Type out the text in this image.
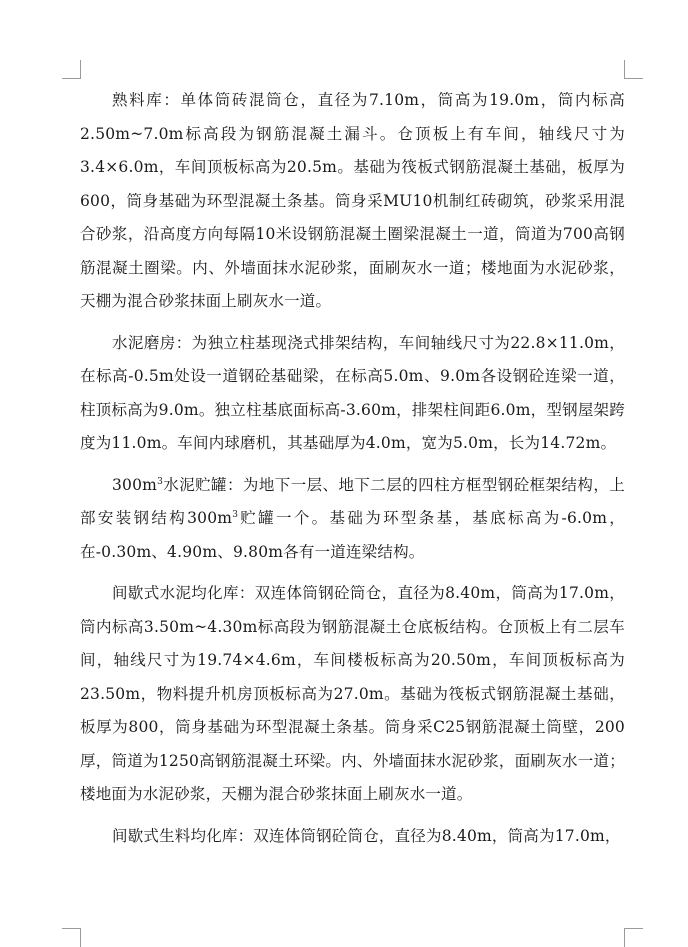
熟料库：单体筒砖混筒仓，直径为7.10m，筒高为19.0m，筒内标高2.50m~7.0m标高段为钢筋混凝土漏斗。仓顶板上有车间，轴线尺寸为3.4×6.0m，车间顶板标高为20.5m。基础为筏板式钢筋混凝土基础，板厚为600，筒身基础为环型混凝土条基。筒身采MU10机制红砖砌筑，砂浆采用混合砂浆，沿高度方向每隔10米设钢筋混凝土圈梁混凝土一道，筒道为700高钢筋混凝土圈梁。内、外墙面抹水泥砂浆，面刷灰水一道；楼地面为水泥砂浆，天棚为混合砂浆抹面上刷灰水一道。

水泥磨房：为独立柱基现浇式排架结构，车间轴线尺寸为22.8×11.0m，在标高-0.5m处设一道钢砼基础梁，在标高5.0m、9.0m各设钢砼连梁一道，柱顶标高为9.0m。独立柱基底面标高-3.60m，排架柱间距6.0m，型钢屋架跨度为11.0m。车间内球磨机，其基础厚为4.0m，宽为5.0m，长为14.72m。

$300m^3$水泥贮罐：为地下一层、地下二层的四柱方框型钢砼框架结构，上部安装钢结构$300m^3$贮罐一个。基础为环型条基，基底标高为-6.0m，在-0.30m、4.90m、9.80m各有一道连梁结构。

间歇式水泥均化库：双连体筒钢砼筒仓，直径为8.40m，筒高为17.0m，筒内标高3.50m~4.30m标高段为钢筋混凝土仓底板结构。仓顶板上有二层车间，轴线尺寸为19.74×4.6m，车间楼板标高为20.50m，车间顶板标高为23.50m，物料提升机房顶板标高为27.0m。基础为筏板式钢筋混凝土基础，板厚为800，筒身基础为环型混凝土条基。筒身采C25钢筋混凝土筒壁，200厚，筒道为1250高钢筋混凝土环梁。内、外墙面抹水泥砂浆，面刷灰水一道；楼地面为水泥砂浆，天棚为混合砂浆抹面上刷灰水一道。

间歇式生料均化库：双连体筒钢砼筒仓，直径为8.40m，筒高为17.0m，
